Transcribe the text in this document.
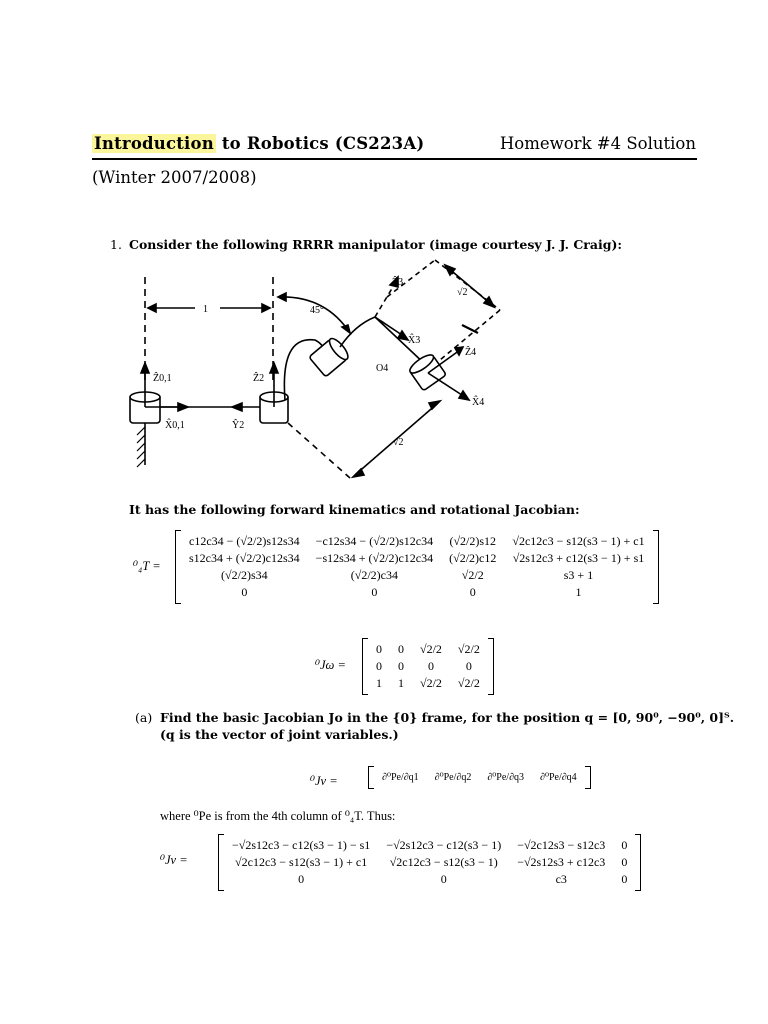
Introduction to Robotics (CS223A)	Homework #4 Solution
(Winter 2007/2008)
1. Consider the following RRRR manipulator (image courtesy J. J. Craig):
1	45°
√2
√2
Ẑ3
X̂3
Ẑ4
X̂4
O4
Ẑ0,1	Ẑ2
X̂0,1	Ŷ2
It has the following forward kinematics and rotational Jacobian:
⁰₄T =
c12c34 − (√2/2)s12s34	−c12s34 − (√2/2)s12c34	(√2/2)s12	√2c12c3 − s12(s3 − 1) + c1
s12c34 + (√2/2)c12s34	−s12s34 + (√2/2)c12c34	(√2/2)c12	√2s12c3 + c12(s3 − 1) + s1
(√2/2)s34	(√2/2)c34	√2/2	s3 + 1
0	0	0	1
⁰Jω =
0	0	√2/2	√2/2
0	0	0	0
1	1	√2/2	√2/2
(a) Find the basic Jacobian Jo in the {0} frame, for the position q = [0, 90⁰, −90⁰, 0]ᵀ.
(q is the vector of joint variables.)
⁰Jv =	∂⁰Pe/∂q1	∂⁰Pe/∂q2	∂⁰Pe/∂q3	∂⁰Pe/∂q4
where ⁰Pe is from the 4th column of ⁰₄T. Thus:
⁰Jv =
−√2s12c3 − c12(s3 − 1) − s1	−√2s12c3 − c12(s3 − 1)	−√2c12s3 − s12c3	0
√2c12c3 − s12(s3 − 1) + c1	√2c12c3 − s12(s3 − 1)	−√2s12s3 + c12c3	0
0	0	c3	0
